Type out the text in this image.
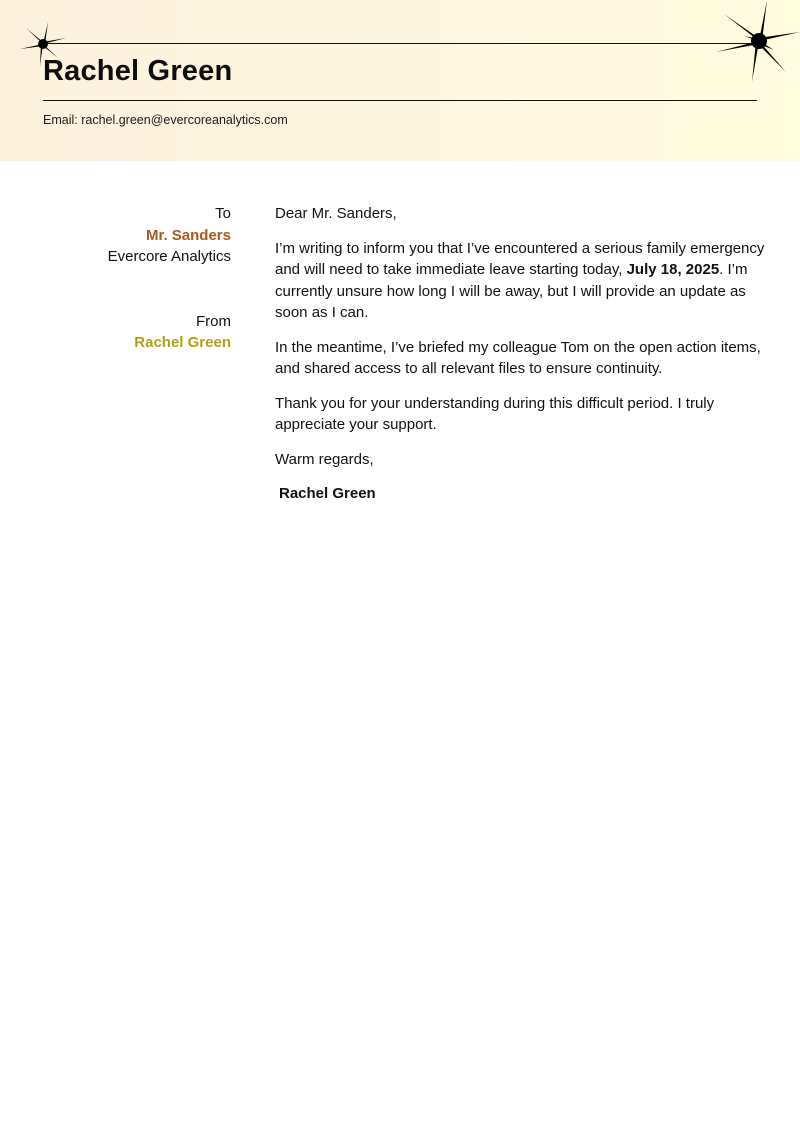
Rachel Green
Email: rachel.green@evercoreanalytics.com
To
Mr. Sanders
Evercore Analytics
From
Rachel Green

Dear Mr. Sanders,

I’m writing to inform you that I’ve encountered a serious family emergency and will need to take immediate leave starting today, July 18, 2025. I’m currently unsure how long I will be away, but I will provide an update as soon as I can.

In the meantime, I’ve briefed my colleague Tom on the open action items, and shared access to all relevant files to ensure continuity.

Thank you for your understanding during this difficult period. I truly appreciate your support.

Warm regards,

Rachel Green
